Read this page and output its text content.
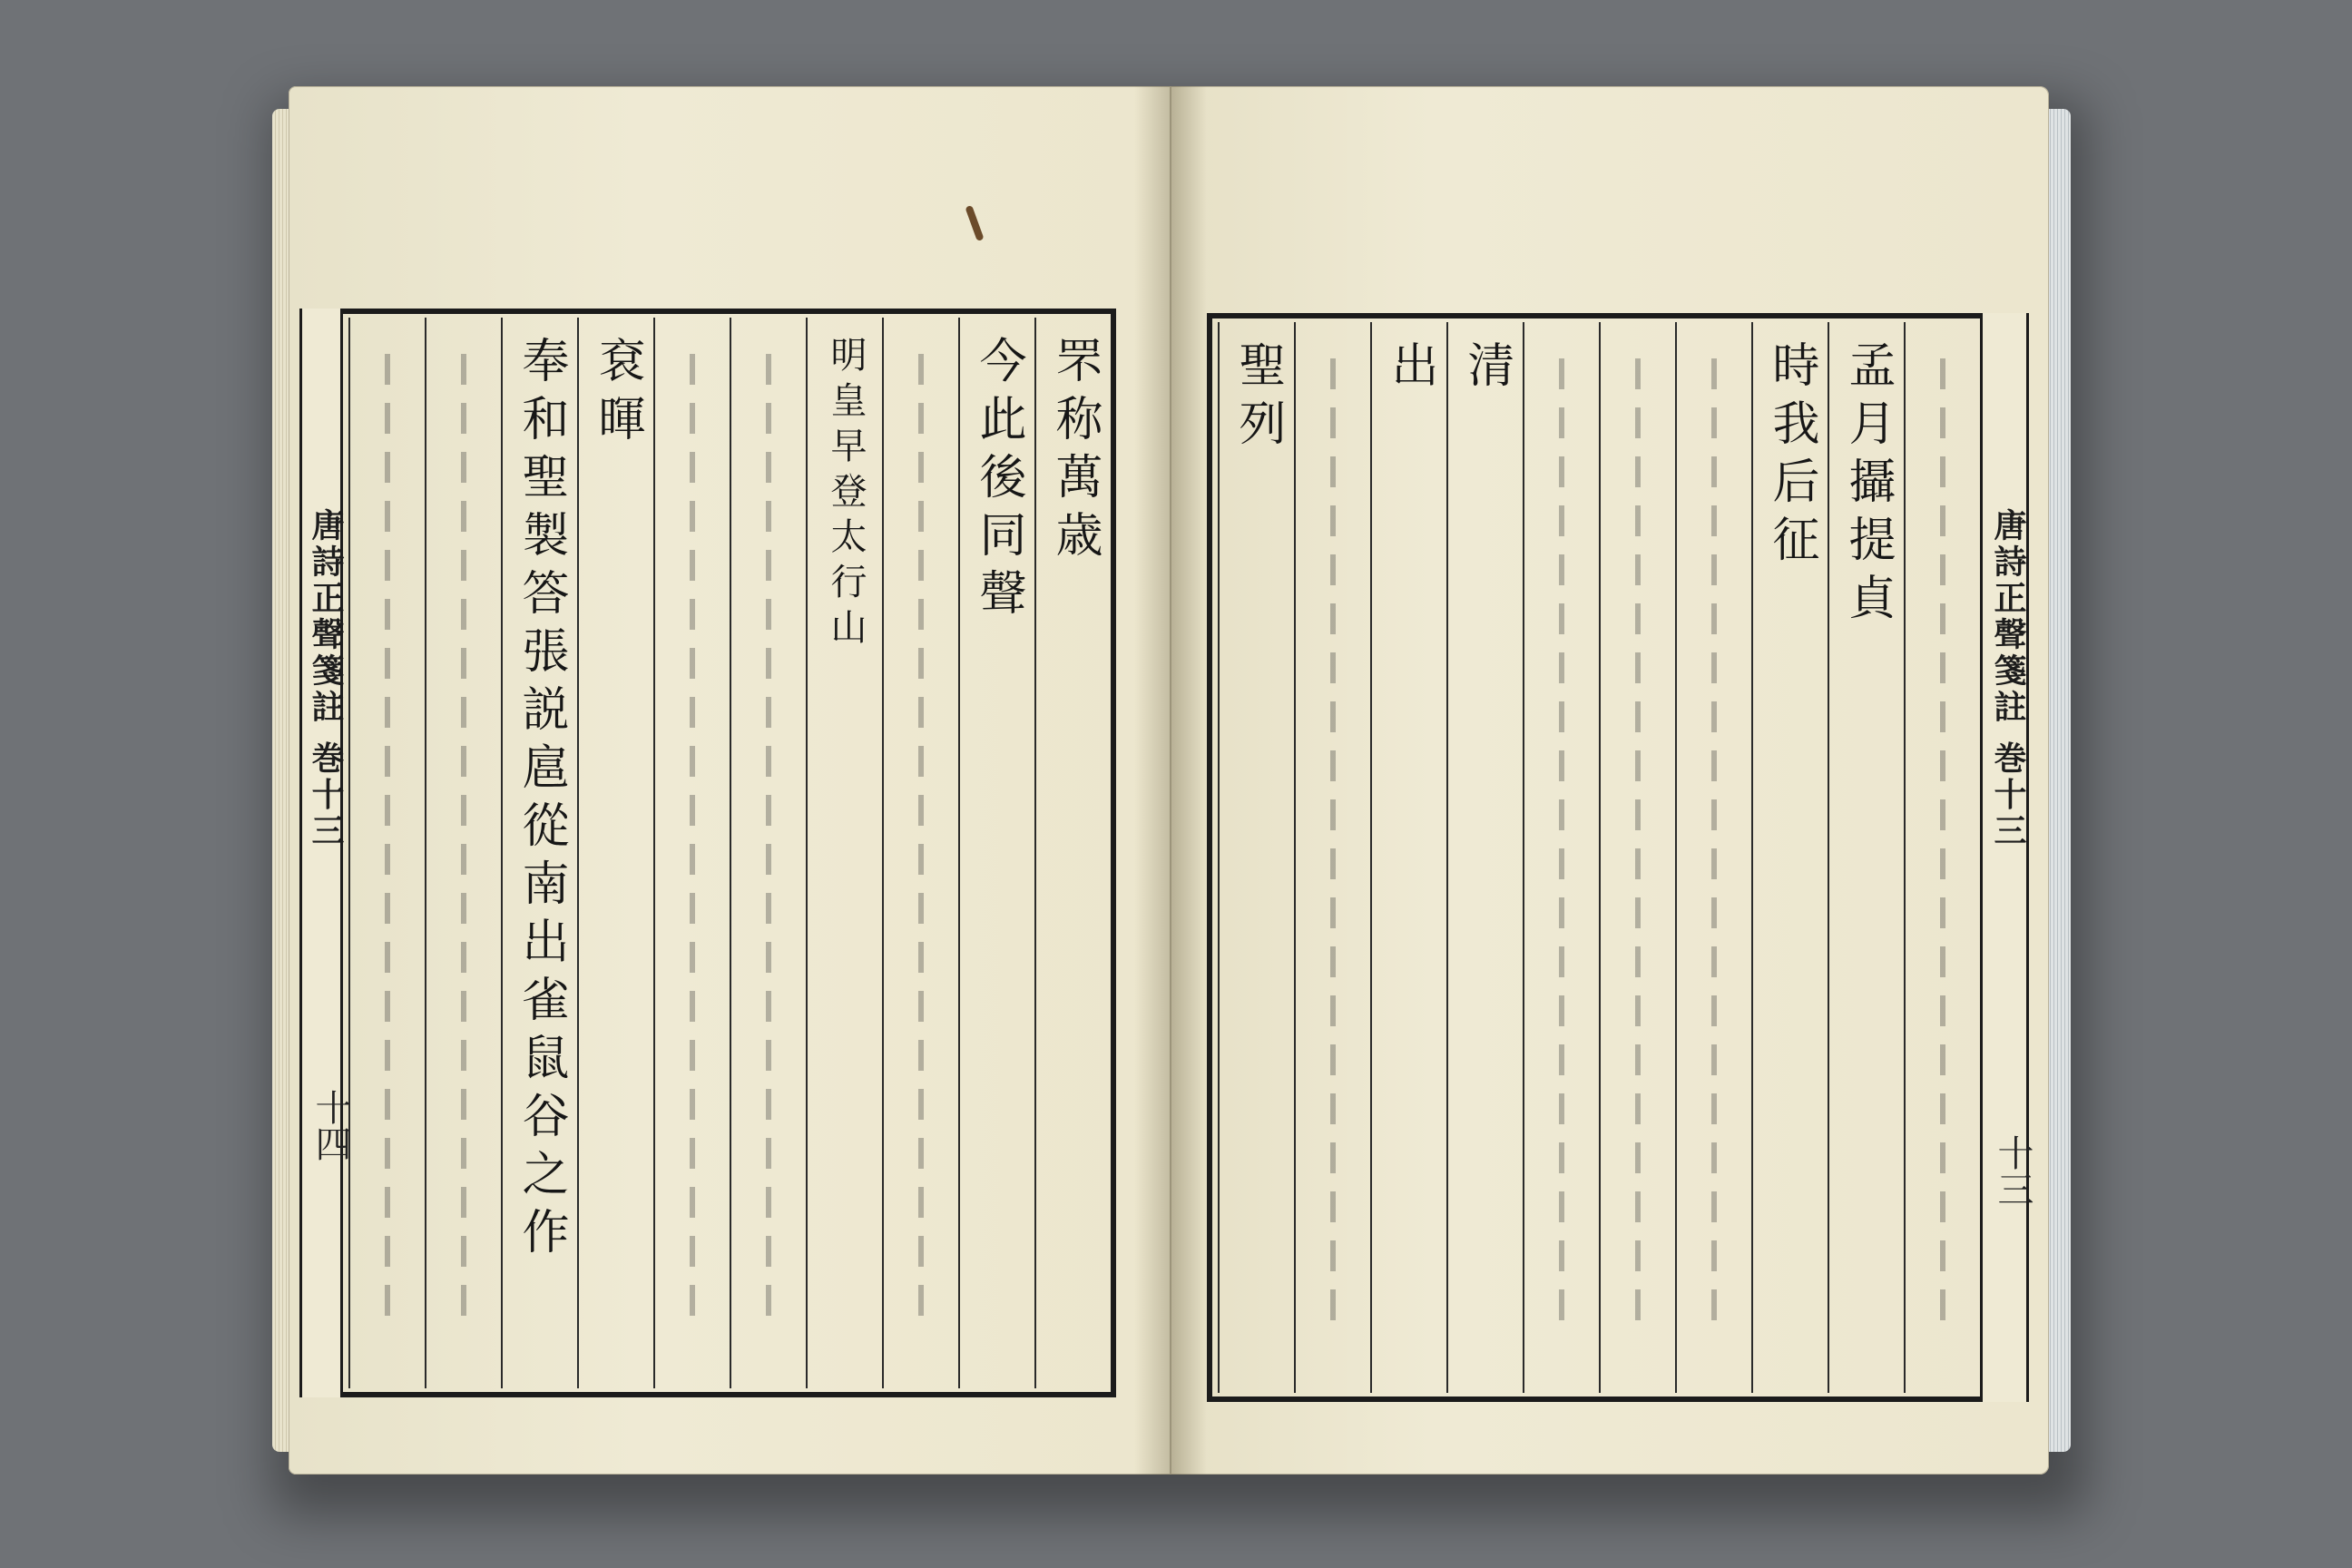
唐詩正聲箋註 巻十三
十四
罘称萬歳
今此後同聲
明皇早登太行山
袞暉
奉和聖製答張説扈從南出雀鼠谷之作	唐詩正聲箋註 巻十三
十三
孟月攝提貞
時我后征
清
出
聖列
